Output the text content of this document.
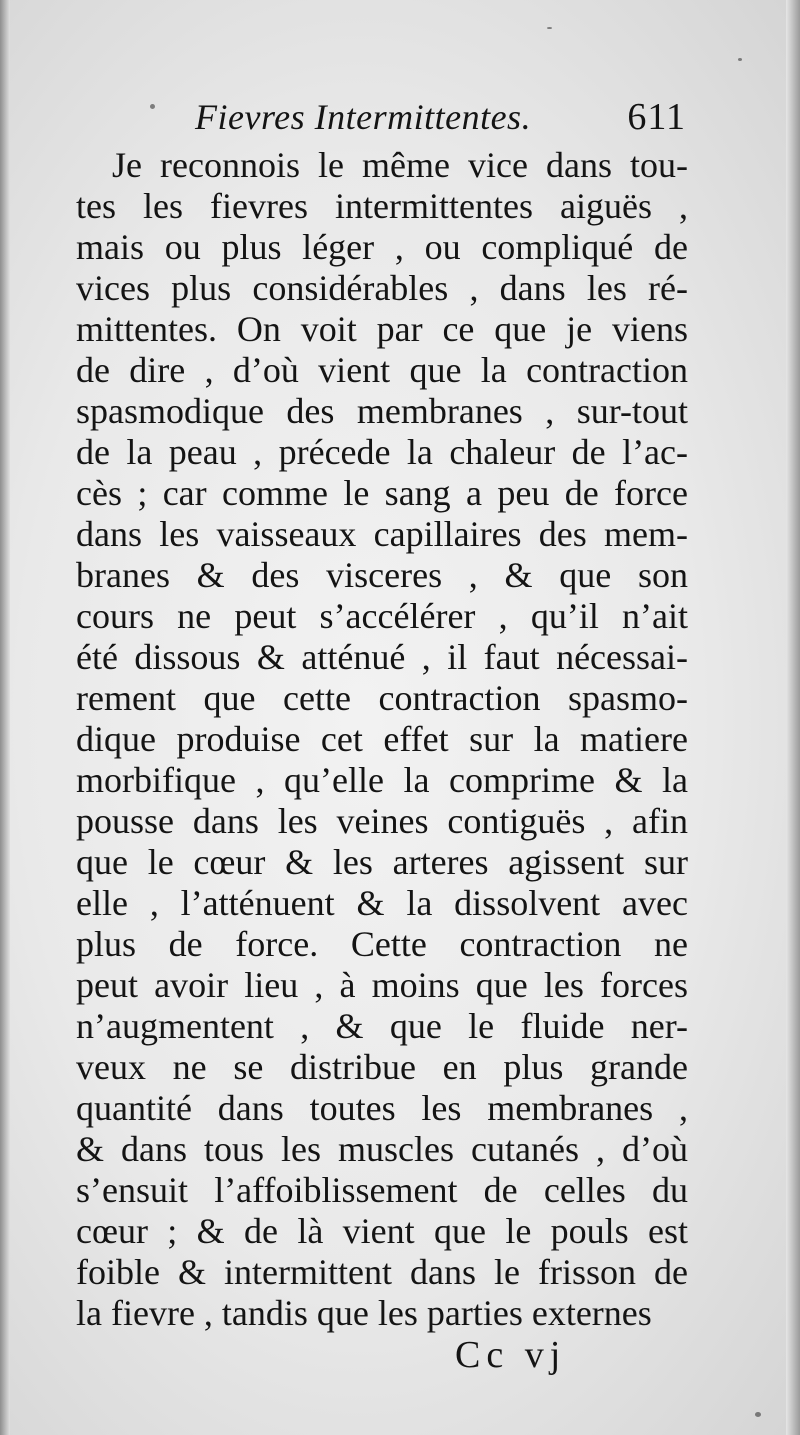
Fievres Intermittentes.	611
Je reconnois le même vice dans tou-
tes les fievres intermittentes aiguës ,
mais ou plus léger , ou compliqué de
vices plus considérables , dans les ré-
mittentes. On voit par ce que je viens
de dire , d’où vient que la contraction
spasmodique des membranes , sur-tout
de la peau , précede la chaleur de l’ac-
cès ; car comme le sang a peu de force
dans les vaisseaux capillaires des mem-
branes & des visceres , & que son
cours ne peut s’accélérer , qu’il n’ait
été dissous & atténué , il faut nécessai-
rement que cette contraction spasmo-
dique produise cet effet sur la matiere
morbifique , qu’elle la comprime & la
pousse dans les veines contiguës , afin
que le cœur & les arteres agissent sur
elle , l’atténuent & la dissolvent avec
plus de force. Cette contraction ne
peut avoir lieu , à moins que les forces
n’augmentent , & que le fluide ner-
veux ne se distribue en plus grande
quantité dans toutes les membranes ,
& dans tous les muscles cutanés , d’où
s’ensuit l’affoiblissement de celles du
cœur ; & de là vient que le pouls est
foible & intermittent dans le frisson de
la fievre , tandis que les parties externes
Cc vj
